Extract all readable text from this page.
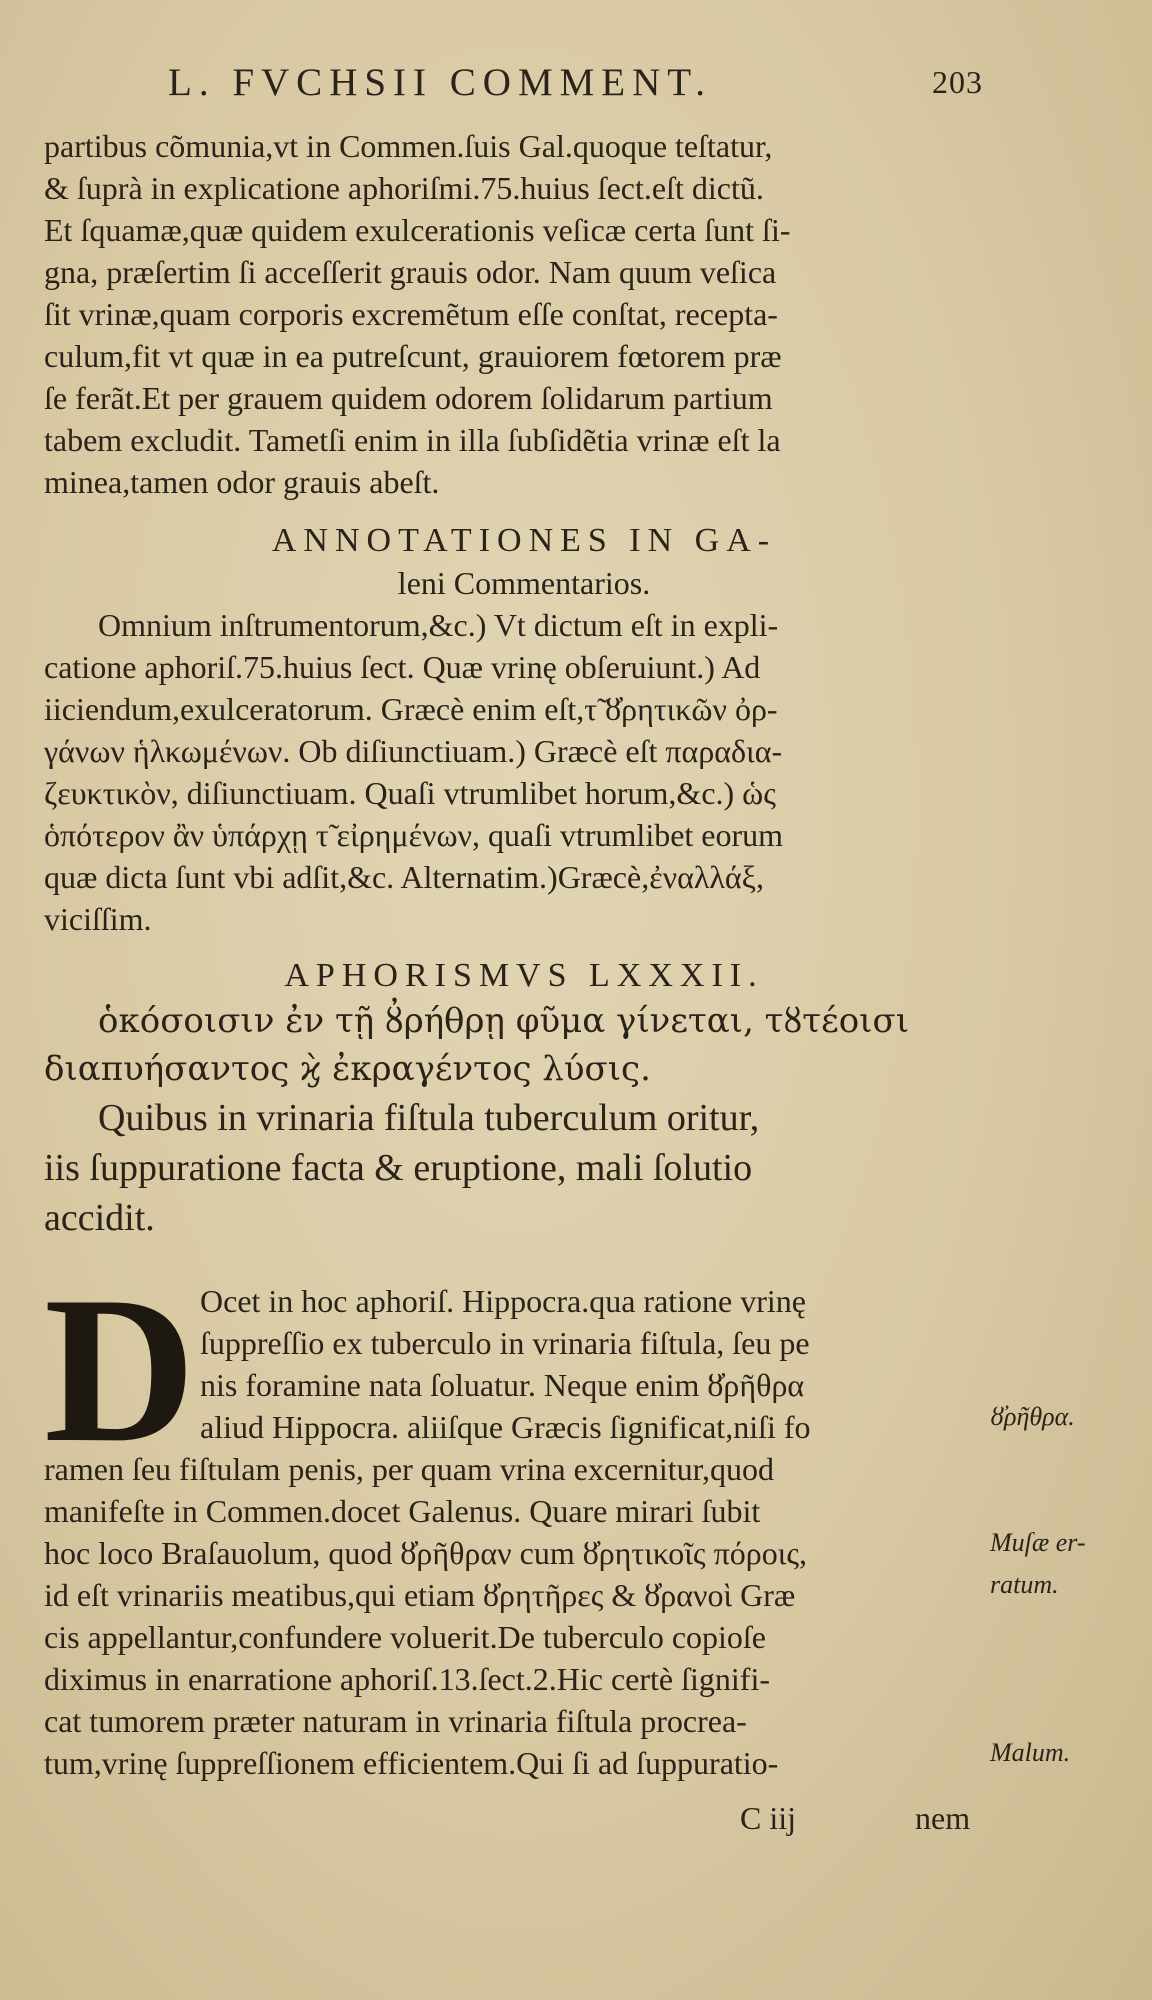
L. FVCHSII COMMENT.	203
partibus cõmunia,vt in Commen.ſuis Gal.quoque teſtatur,
& ſuprà in explicatione aphoriſmi.75.huius ſect.eſt dictũ.
Et ſquamæ,quæ quidem exulcerationis veſicæ certa ſunt ſi-
gna, præſertim ſi acceſſerit grauis odor. Nam quum veſica
ſit vrinæ,quam corporis excremẽtum eſſe conſtat, recepta-
culum,fit vt quæ in ea putreſcunt, grauiorem fœtorem præ
ſe ferãt.Et per grauem quidem odorem ſolidarum partium
tabem excludit. Tametſi enim in illa ſubſidẽtia vrinæ eſt la
minea,tamen odor grauis abeſt.
ANNOTATIONES IN GA-
leni Commentarios.
Omnium inſtrumentorum,&c.) Vt dictum eſt in expli-
catione aphoriſ.75.huius ſect. Quæ vrinę obſeruiunt.) Ad
iiciendum,exulceratorum. Græcè enim eſt,τ̃ ȣ̓ρητικῶν ὀρ-
γάνων ἡλκωμένων. Ob diſiunctiuam.) Græcè eſt παραδια-
ζευκτικὸν, diſiunctiuam. Quaſi vtrumlibet horum,&c.) ὡς
ὁπότερον ἂν ὑπάρχῃ τ̃ εἰρημένων, quaſi vtrumlibet eorum
quæ dicta ſunt vbi adſit,&c. Alternatim.)Græcè,ἐναλλάξ,
viciſſim.
APHORISMVS LXXXII.
ὁκόσοισιν ἐν τῇ ȣ̓ρήθρῃ φῦμα γίνεται, τȣτέοισι
διαπυήσαντος ϗ̀ ἐκραγέντος λύσις.
Quibus in vrinaria fiſtula tuberculum oritur,
iis ſuppuratione facta & eruptione, mali ſolutio
accidit.
D Ocet in hoc aphoriſ. Hippocra.qua ratione vrinę
ſuppreſſio ex tuberculo in vrinaria fiſtula, ſeu pe
nis foramine nata ſoluatur. Neque enim ȣ̓ρῆθρα
aliud Hippocra. aliiſque Græcis ſignificat,niſi fo
ramen ſeu fiſtulam penis, per quam vrina excernitur,quod
manifeſte in Commen.docet Galenus. Quare mirari ſubit
hoc loco Braſauolum, quod ȣ̓ρῆθραν cum ȣ̓ρητικοῖς πόροις,
id eſt vrinariis meatibus,qui etiam ȣ̓ρητῆρες & ȣ̓ρανοὶ Græ
cis appellantur,confundere voluerit.De tuberculo copioſe
diximus in enarratione aphoriſ.13.ſect.2.Hic certè ſignifi-
cat tumorem præter naturam in vrinaria fiſtula procrea-
tum,vrinę ſuppreſſionem efficientem.Qui ſi ad ſuppuratio-
ȣ̓ρῆθρα.
Muſæ er-
ratum.
Malum.
C iij	nem
